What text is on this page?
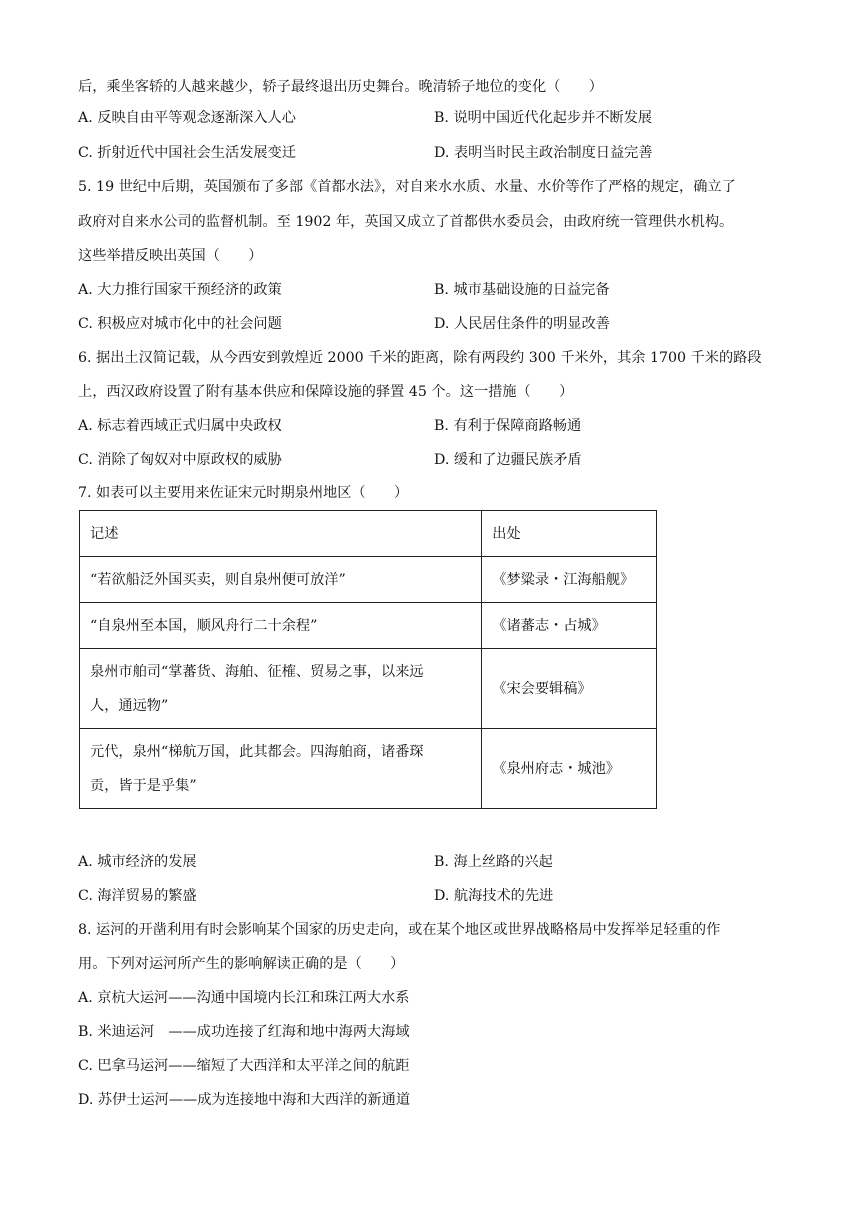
后，乘坐客轿的人越来越少，轿子最终退出历史舞台。晚清轿子地位的变化（　　）
A. 反映自由平等观念逐渐深入人心	B. 说明中国近代化起步并不断发展
C. 折射近代中国社会生活发展变迁	D. 表明当时民主政治制度日益完善
5. 19 世纪中后期，英国颁布了多部《首都水法》，对自来水水质、水量、水价等作了严格的规定，确立了
政府对自来水公司的监督机制。至 1902 年，英国又成立了首都供水委员会，由政府统一管理供水机构。
这些举措反映出英国（　　）
A. 大力推行国家干预经济的政策	B. 城市基础设施的日益完备
C. 积极应对城市化中的社会问题	D. 人民居住条件的明显改善
6. 据出土汉简记载，从今西安到敦煌近 2000 千米的距离，除有两段约 300 千米外，其余 1700 千米的路段
上，西汉政府设置了附有基本供应和保障设施的驿置 45 个。这一措施（　　）
A. 标志着西域正式归属中央政权	B. 有利于保障商路畅通
C. 消除了匈奴对中原政权的威胁	D. 缓和了边疆民族矛盾
7. 如表可以主要用来佐证宋元时期泉州地区（　　）
记述	出处
“若欲船泛外国买卖，则自泉州便可放洋”	《梦粱录・江海船舰》
“自泉州至本国，顺风舟行二十余程”	《诸蕃志・占城》
泉州市舶司“掌蕃货、海舶、征榷、贸易之事，以来远
人，通远物”	《宋会要辑稿》
元代，泉州“梯航万国，此其都会。四海舶商，诸番琛
贡，皆于是乎集”	《泉州府志・城池》
A. 城市经济的发展	B. 海上丝路的兴起
C. 海洋贸易的繁盛	D. 航海技术的先进
8. 运河的开凿利用有时会影响某个国家的历史走向，或在某个地区或世界战略格局中发挥举足轻重的作
用。下列对运河所产生的影响解读正确的是（　　）
A. 京杭大运河——沟通中国境内长江和珠江两大水系
B. 米迪运河　——成功连接了红海和地中海两大海域
C. 巴拿马运河——缩短了大西洋和太平洋之间的航距
D. 苏伊士运河——成为连接地中海和大西洋的新通道
